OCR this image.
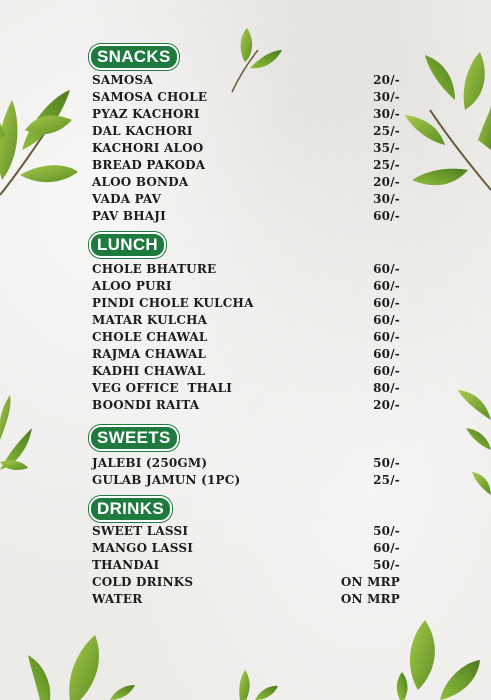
SNACKS
LUNCH
SWEETS
DRINKS
SAMOSA	20/-
SAMOSA CHOLE	30/-
PYAZ KACHORI	30/-
DAL KACHORI	25/-
KACHORI ALOO	35/-
BREAD PAKODA	25/-
ALOO BONDA	20/-
VADA PAV	30/-
PAV BHAJI	60/-
CHOLE BHATURE	60/-
ALOO PURI	60/-
PINDI CHOLE KULCHA	60/-
MATAR KULCHA	60/-
CHOLE CHAWAL	60/-
RAJMA CHAWAL	60/-
KADHI CHAWAL	60/-
VEG OFFICE  THALI	80/-
BOONDI RAITA	20/-
JALEBI (250GM)	50/-
GULAB JAMUN (1PC)	25/-
SWEET LASSI	50/-
MANGO LASSI	60/-
THANDAI	50/-
COLD DRINKS	ON MRP
WATER	ON MRP
